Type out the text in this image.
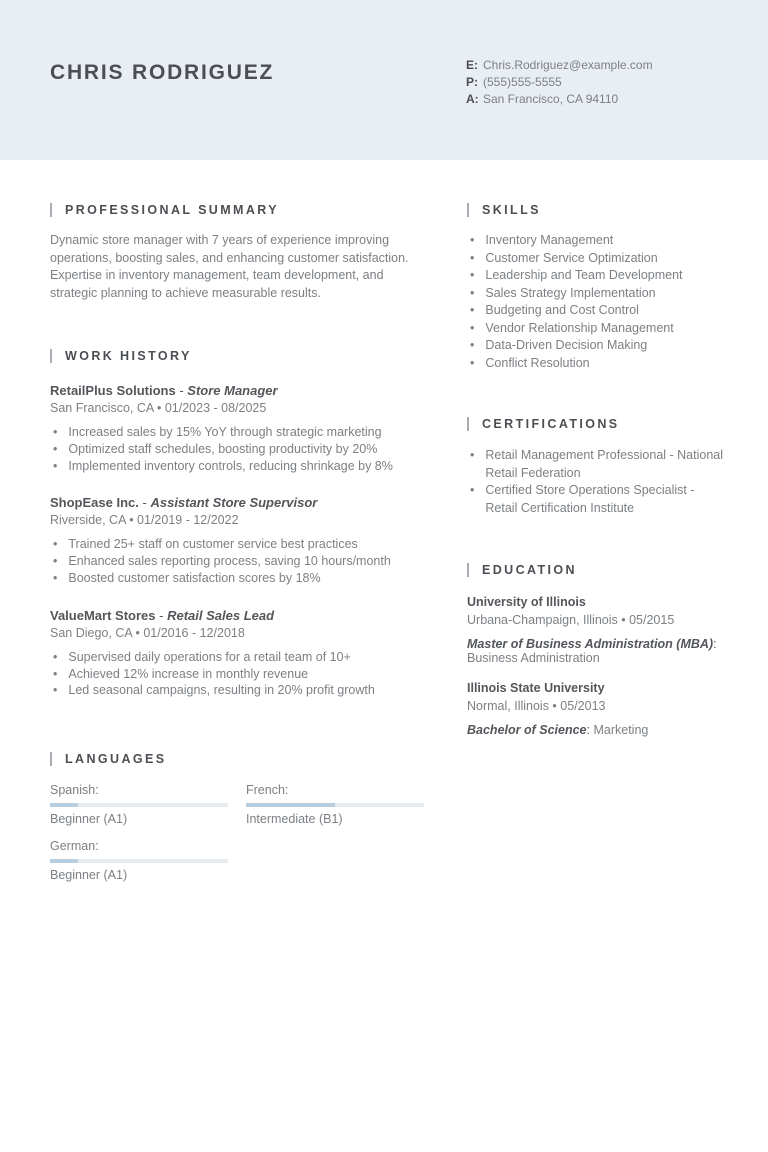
CHRIS RODRIGUEZ	E: Chris.Rodriguez@example.com
P: (555)555-5555
A: San Francisco, CA 94110
PROFESSIONAL SUMMARY
Dynamic store manager with 7 years of experience improving operations, boosting sales, and enhancing customer satisfaction. Expertise in inventory management, team development, and strategic planning to achieve measurable results.
WORK HISTORY
RetailPlus Solutions - Store Manager
San Francisco, CA • 01/2023 - 08/2025
• Increased sales by 15% YoY through strategic marketing
• Optimized staff schedules, boosting productivity by 20%
• Implemented inventory controls, reducing shrinkage by 8%
ShopEase Inc. - Assistant Store Supervisor
Riverside, CA • 01/2019 - 12/2022
• Trained 25+ staff on customer service best practices
• Enhanced sales reporting process, saving 10 hours/month
• Boosted customer satisfaction scores by 18%
ValueMart Stores - Retail Sales Lead
San Diego, CA • 01/2016 - 12/2018
• Supervised daily operations for a retail team of 10+
• Achieved 12% increase in monthly revenue
• Led seasonal campaigns, resulting in 20% profit growth
LANGUAGES
Spanish:
Beginner (A1)
French:
Intermediate (B1)
German:
Beginner (A1)
SKILLS
• Inventory Management
• Customer Service Optimization
• Leadership and Team Development
• Sales Strategy Implementation
• Budgeting and Cost Control
• Vendor Relationship Management
• Data-Driven Decision Making
• Conflict Resolution
CERTIFICATIONS
• Retail Management Professional - National Retail Federation
• Certified Store Operations Specialist - Retail Certification Institute
EDUCATION
University of Illinois
Urbana-Champaign, Illinois • 05/2015
Master of Business Administration (MBA):
Business Administration
Illinois State University
Normal, Illinois • 05/2013
Bachelor of Science: Marketing
